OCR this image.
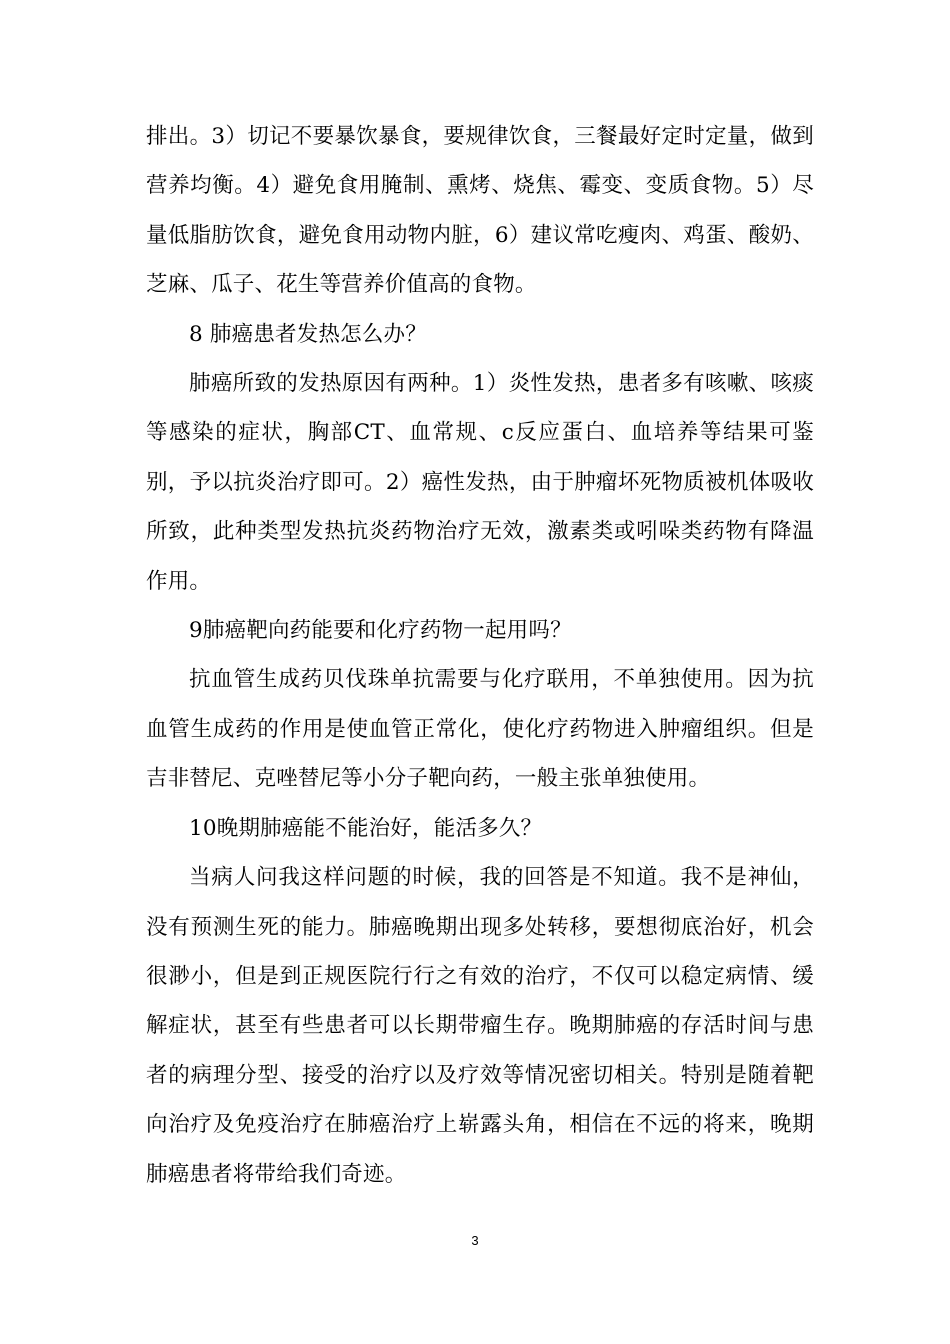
排出。3）切记不要暴饮暴食，要规律饮食，三餐最好定时定量，做到营养均衡。4）避免食用腌制、熏烤、烧焦、霉变、变质食物。5）尽量低脂肪饮食，避免食用动物内脏，6）建议常吃瘦肉、鸡蛋、酸奶、芝麻、瓜子、花生等营养价值高的食物。

8 肺癌患者发热怎么办？

肺癌所致的发热原因有两种。1）炎性发热，患者多有咳嗽、咳痰等感染的症状，胸部CT、血常规、c反应蛋白、血培养等结果可鉴别，予以抗炎治疗即可。2）癌性发热，由于肿瘤坏死物质被机体吸收所致，此种类型发热抗炎药物治疗无效，激素类或吲哚类药物有降温作用。

9肺癌靶向药能要和化疗药物一起用吗？

抗血管生成药贝伐珠单抗需要与化疗联用，不单独使用。因为抗血管生成药的作用是使血管正常化，使化疗药物进入肿瘤组织。但是吉非替尼、克唑替尼等小分子靶向药，一般主张单独使用。

10晚期肺癌能不能治好，能活多久？

当病人问我这样问题的时候，我的回答是不知道。我不是神仙，没有预测生死的能力。肺癌晚期出现多处转移，要想彻底治好，机会很渺小，但是到正规医院行行之有效的治疗，不仅可以稳定病情、缓解症状，甚至有些患者可以长期带瘤生存。晚期肺癌的存活时间与患者的病理分型、接受的治疗以及疗效等情况密切相关。特别是随着靶向治疗及免疫治疗在肺癌治疗上崭露头角，相信在不远的将来，晚期肺癌患者将带给我们奇迹。

3
